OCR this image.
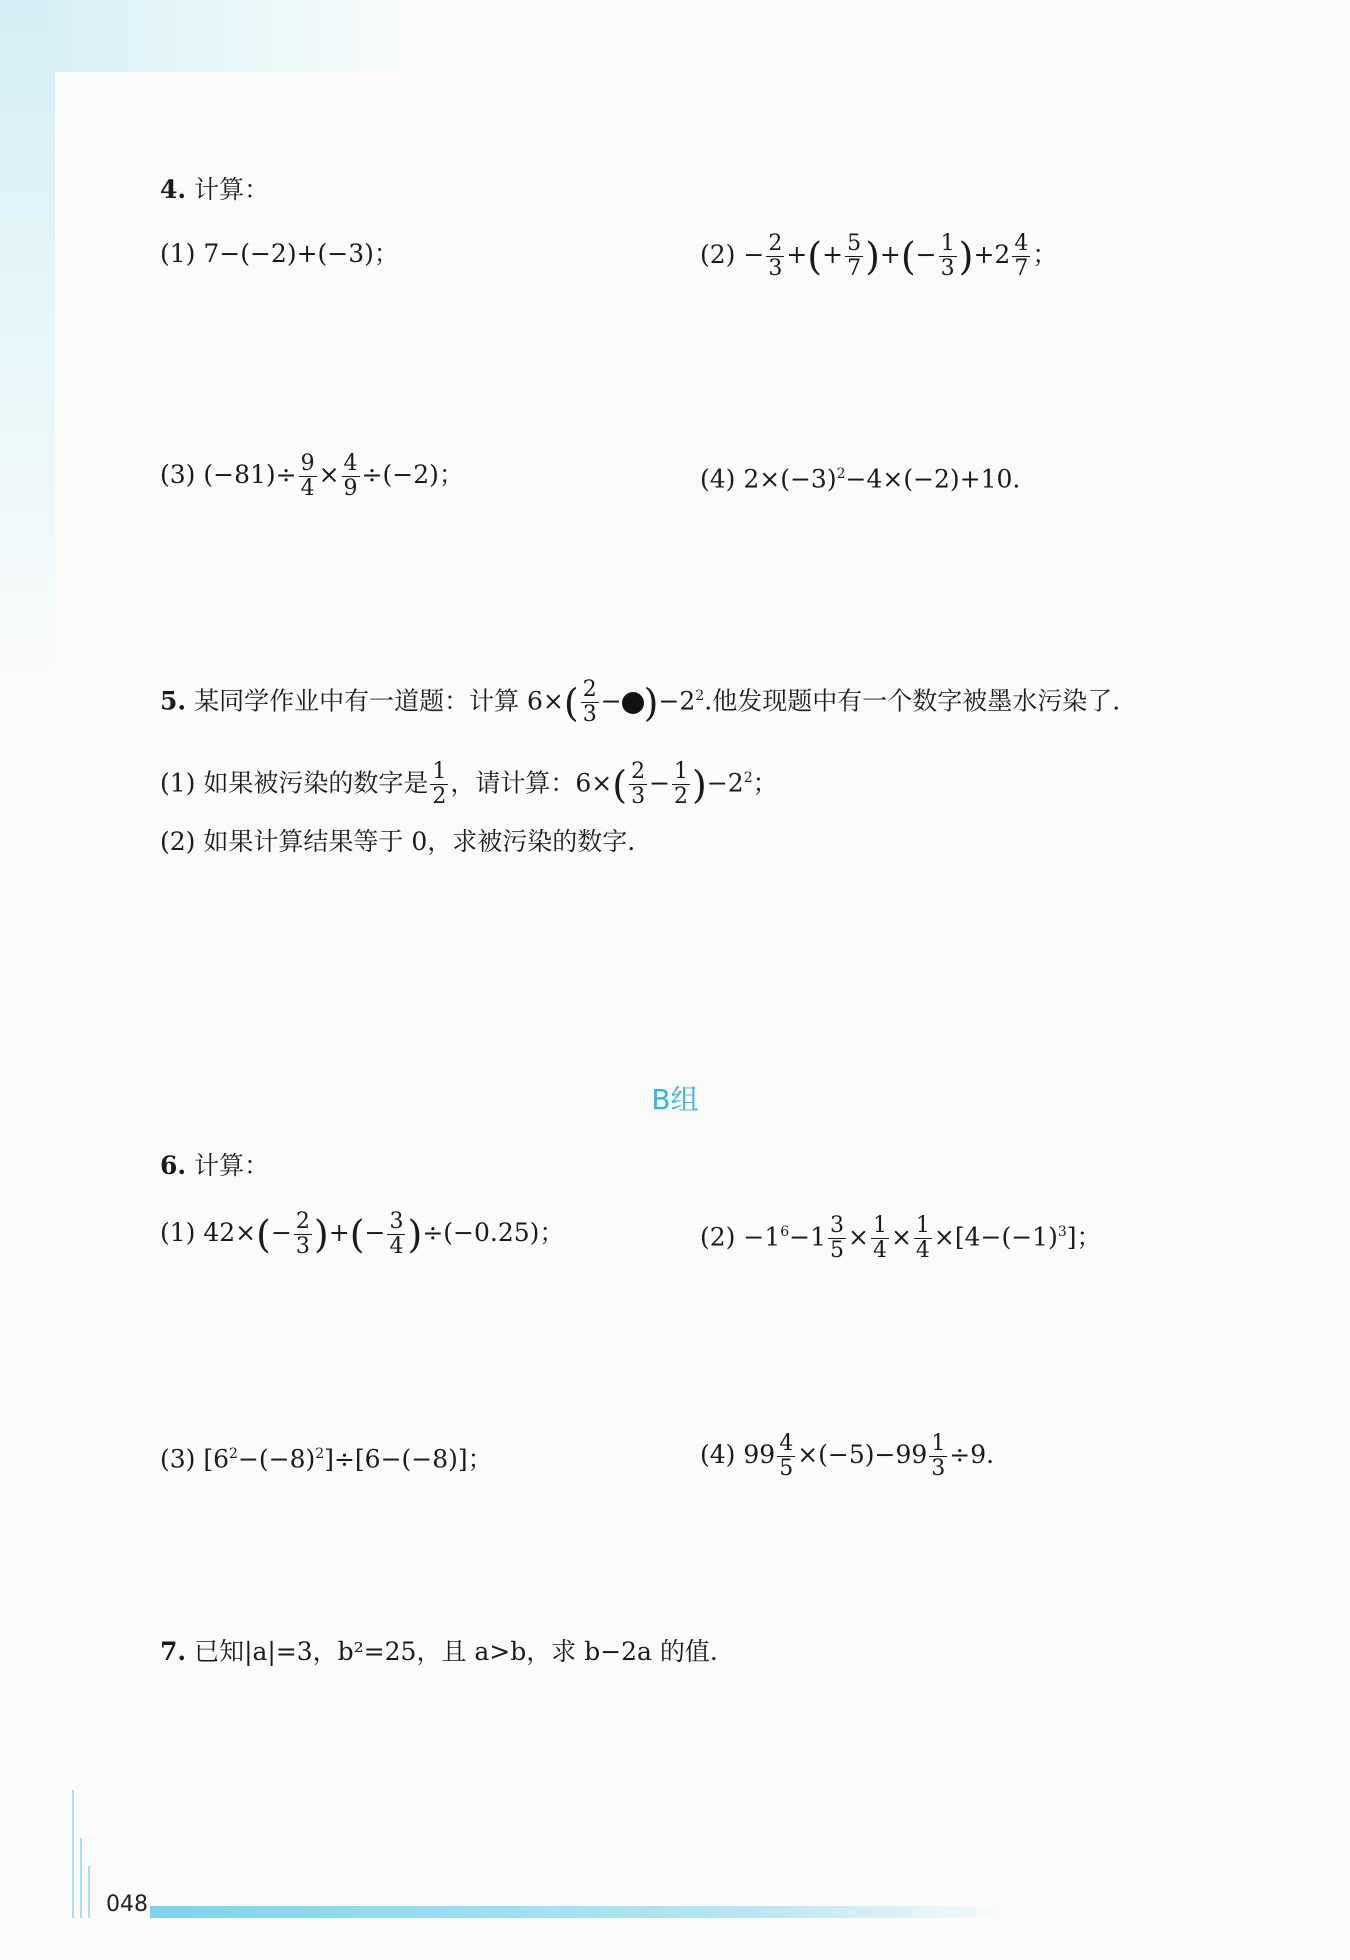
4. 计算：
(1) 7−(−2)+(−3)；	$(2) - \frac{2}{3}$ +(+ $\frac{5}{7}$ )+(− $\frac{1}{3} )+2 \frac{4}{7}$ ；
(3) $(-81)\div \frac{9}{4} \times \frac{4}{9} \div(-2)$；	(4) $2\times(-3)^2-4\times(-2)+10$.
5. 某同学作业中有一道题：计算 $6\times( \frac{2}{3} - )-2^2$.他发现题中有一个数字被墨水污染了.
(1) 如果被污染的数字是 $\frac{1}{2}$ ，请计算：$6\times( \frac{2}{3} - \frac{1}{2} )-2^2$；
(2) 如果计算结果等于 0，求被污染的数字.
B组
6. 计算：
(1) $42\times(- \frac{2}{3}$ )+(− $\frac{3}{4} )\div(-0.25)$；	$(2) -1^6-1 \frac{3}{5} \times \frac{1}{4} \times \frac{1}{4} \times[4-(-1)^3]$；
(3) $[6^2-(-8)^2]\div[6-(-8)]$；	(4) $99 \frac{4}{5} \times(-5)-99 \frac{1}{3} \div 9$.
7. 已知|a|=3，b²=25，且 a>b，求 b−2a 的值.
048
